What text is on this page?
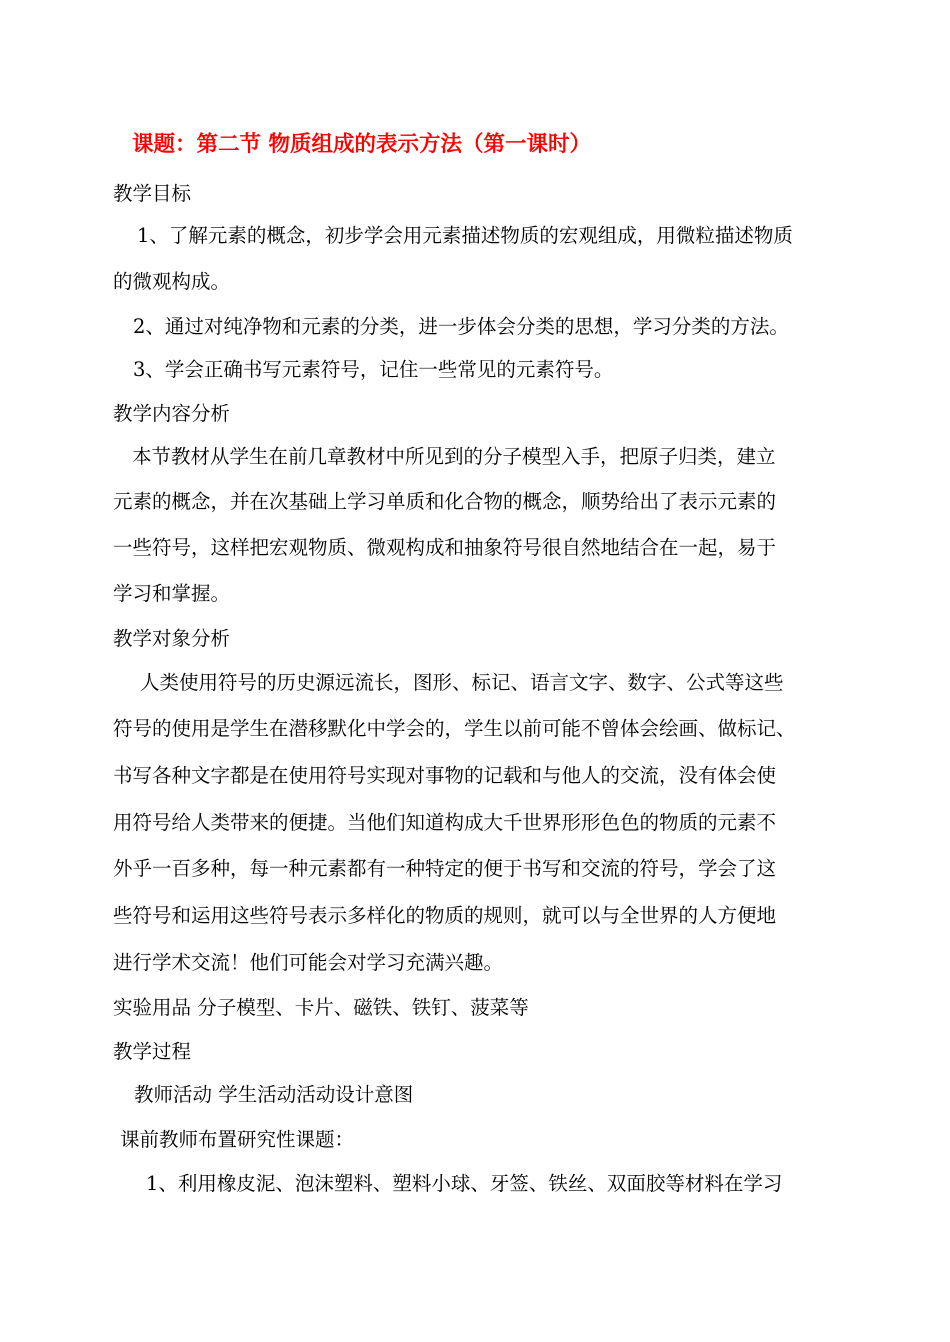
课题：第二节 物质组成的表示方法（第一课时）
教学目标
1、了解元素的概念，初步学会用元素描述物质的宏观组成，用微粒描述物质
的微观构成。
2、通过对纯净物和元素的分类，进一步体会分类的思想，学习分类的方法。
3、学会正确书写元素符号，记住一些常见的元素符号。
教学内容分析
本节教材从学生在前几章教材中所见到的分子模型入手，把原子归类，建立
元素的概念，并在次基础上学习单质和化合物的概念，顺势给出了表示元素的
一些符号，这样把宏观物质、微观构成和抽象符号很自然地结合在一起，易于
学习和掌握。
教学对象分析
人类使用符号的历史源远流长，图形、标记、语言文字、数字、公式等这些
符号的使用是学生在潜移默化中学会的，学生以前可能不曾体会绘画、做标记、
书写各种文字都是在使用符号实现对事物的记载和与他人的交流，没有体会使
用符号给人类带来的便捷。当他们知道构成大千世界形形色色的物质的元素不
外乎一百多种，每一种元素都有一种特定的便于书写和交流的符号，学会了这
些符号和运用这些符号表示多样化的物质的规则，就可以与全世界的人方便地
进行学术交流！他们可能会对学习充满兴趣。
实验用品 分子模型、卡片、磁铁、铁钉、菠菜等
教学过程
教师活动 学生活动活动设计意图
课前教师布置研究性课题：
1、利用橡皮泥、泡沫塑料、塑料小球、牙签、铁丝、双面胶等材料在学习
